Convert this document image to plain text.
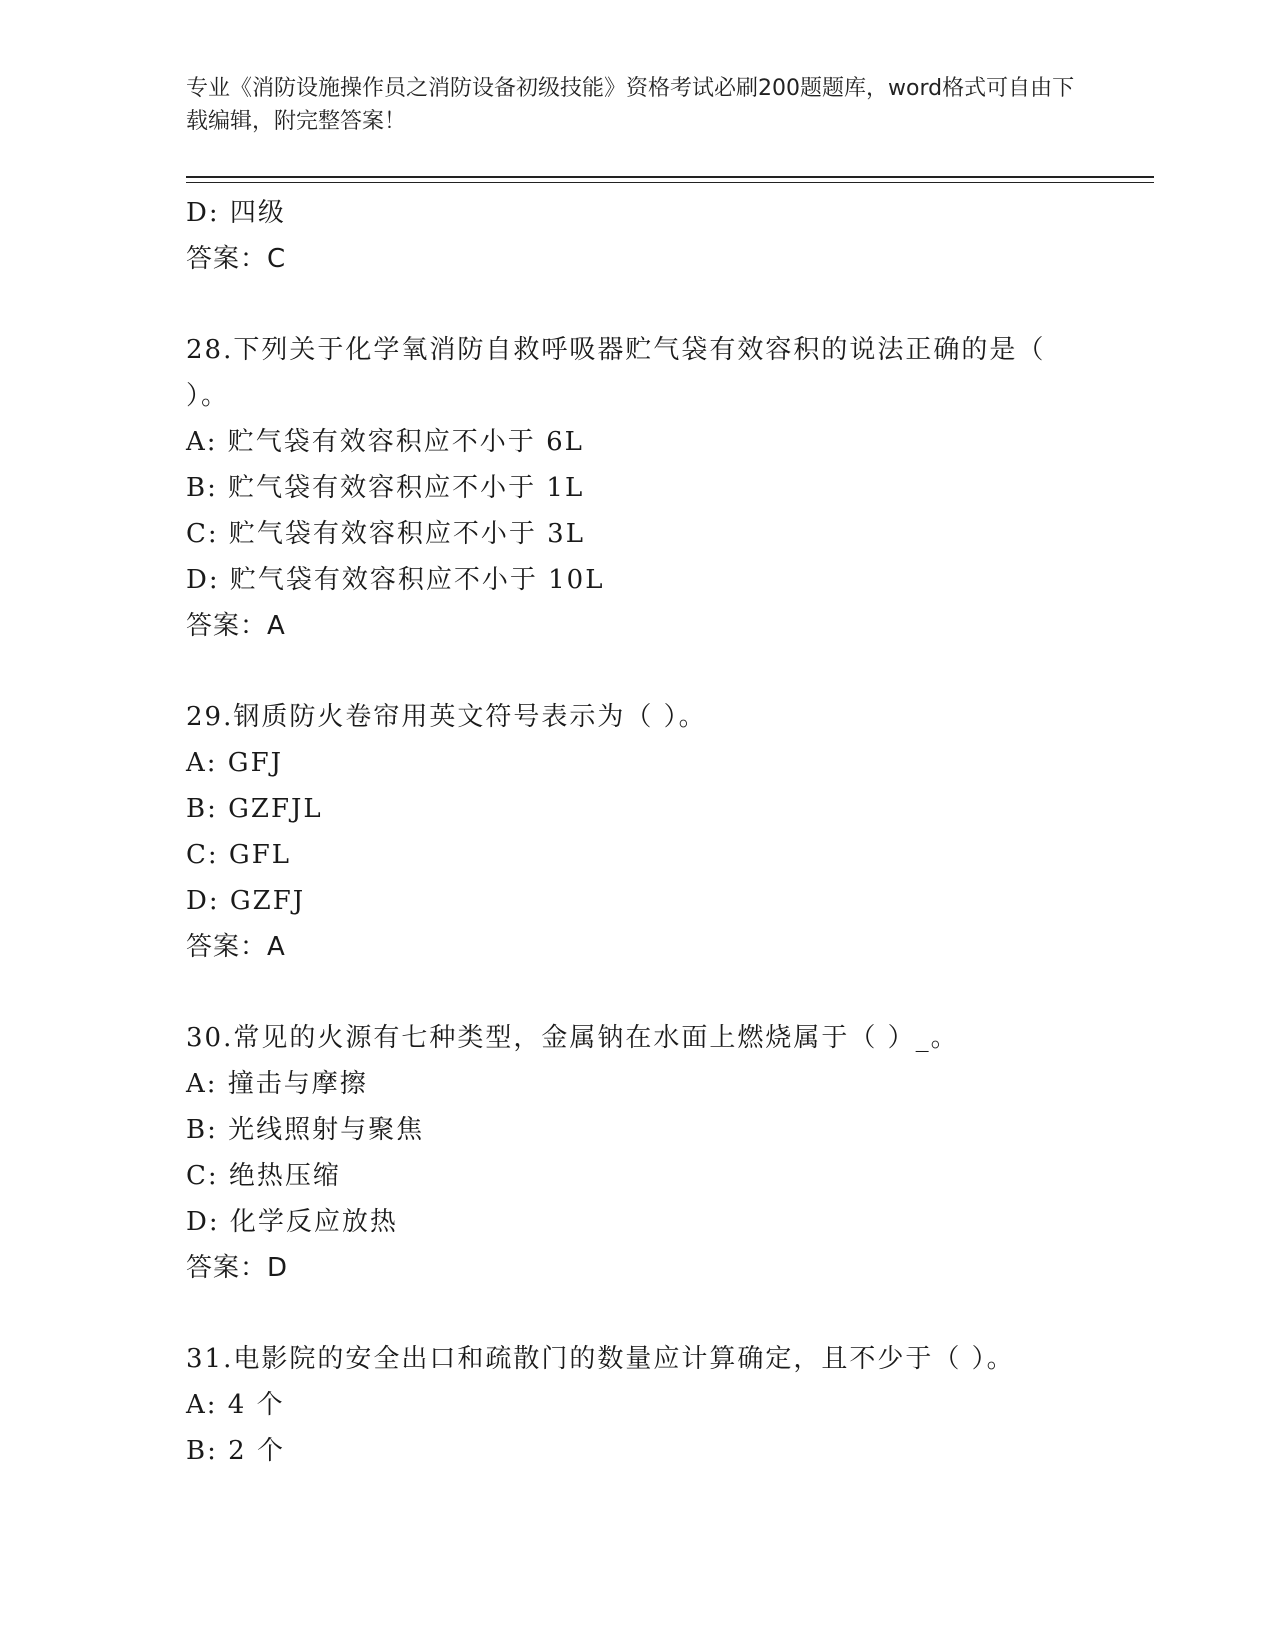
专业《消防设施操作员之消防设备初级技能》资格考试必刷200题题库，word格式可自由下载编辑，附完整答案！
D: 四级
答案：C
28.下列关于化学氧消防自救呼吸器贮气袋有效容积的说法正确的是（ ）。
A: 贮气袋有效容积应不小于 6L
B: 贮气袋有效容积应不小于 1L
C: 贮气袋有效容积应不小于 3L
D: 贮气袋有效容积应不小于 10L
答案：A
29.钢质防火卷帘用英文符号表示为（ ）。
A: GFJ
B: GZFJL
C: GFL
D: GZFJ
答案：A
30.常见的火源有七种类型，金属钠在水面上燃烧属于（ ）_。
A: 撞击与摩擦
B: 光线照射与聚焦
C: 绝热压缩
D: 化学反应放热
答案：D
31.电影院的安全出口和疏散门的数量应计算确定，且不少于（ ）。
A: 4 个
B: 2 个
